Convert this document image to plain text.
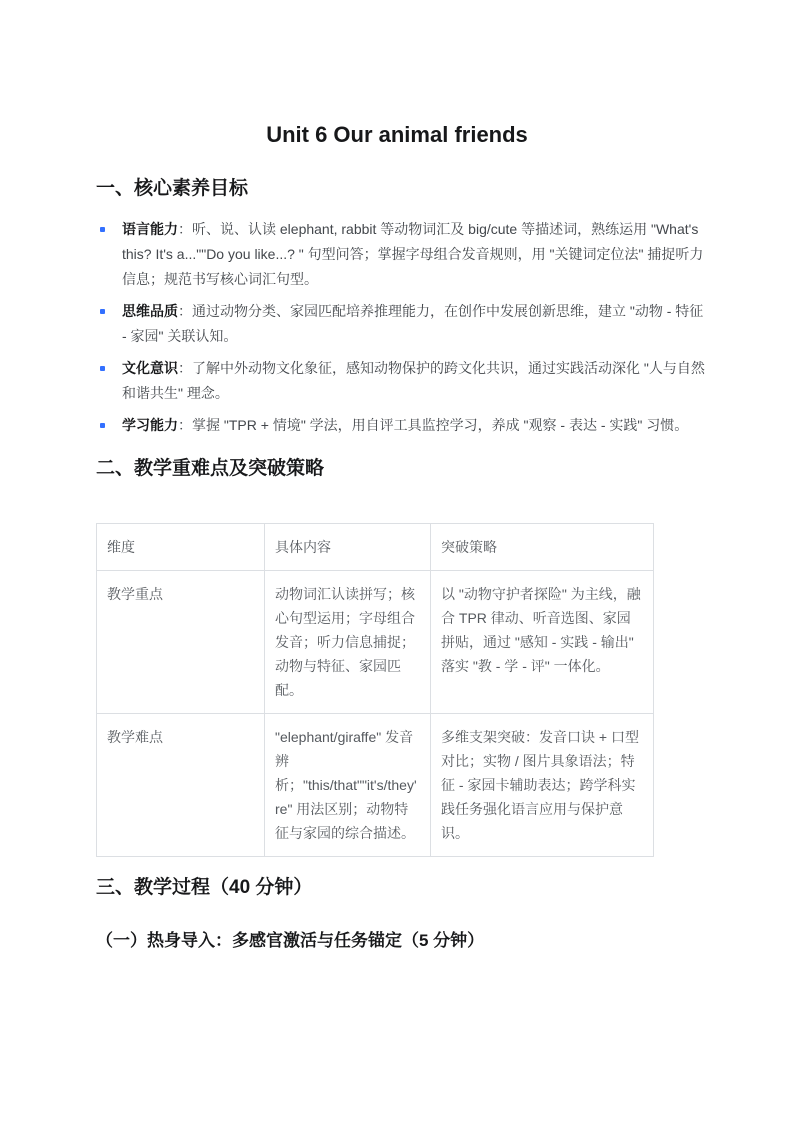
Unit 6 Our animal friends
一、核心素养目标
语言能力：听、说、认读 elephant, rabbit 等动物词汇及 big/cute 等描述词，熟练运用 "What's this? It's a...""Do you like...? " 句型问答；掌握字母组合发音规则，用 "关键词定位法" 捕捉听力信息；规范书写核心词汇句型。
思维品质：通过动物分类、家园匹配培养推理能力，在创作中发展创新思维，建立 "动物 - 特征 - 家园" 关联认知。
文化意识：了解中外动物文化象征，感知动物保护的跨文化共识，通过实践活动深化 "人与自然和谐共生" 理念。
学习能力：掌握 "TPR + 情境" 学法，用自评工具监控学习，养成 "观察 - 表达 - 实践" 习惯。
二、教学重难点及突破策略
维度	具体内容	突破策略
教学重点	动物词汇认读拼写；核心句型运用；字母组合发音；听力信息捕捉；动物与特征、家园匹配。	以 "动物守护者探险" 为主线，融合 TPR 律动、听音选图、家园拼贴，通过 "感知 - 实践 - 输出" 落实 "教 - 学 - 评" 一体化。
教学难点	"elephant/giraffe" 发音辨析；"this/that""it's/they're" 用法区别；动物特征与家园的综合描述。	多维支架突破：发音口诀 + 口型对比；实物 / 图片具象语法；特征 - 家园卡辅助表达；跨学科实践任务强化语言应用与保护意识。
三、教学过程（40 分钟）
（一）热身导入：多感官激活与任务锚定（5 分钟）
